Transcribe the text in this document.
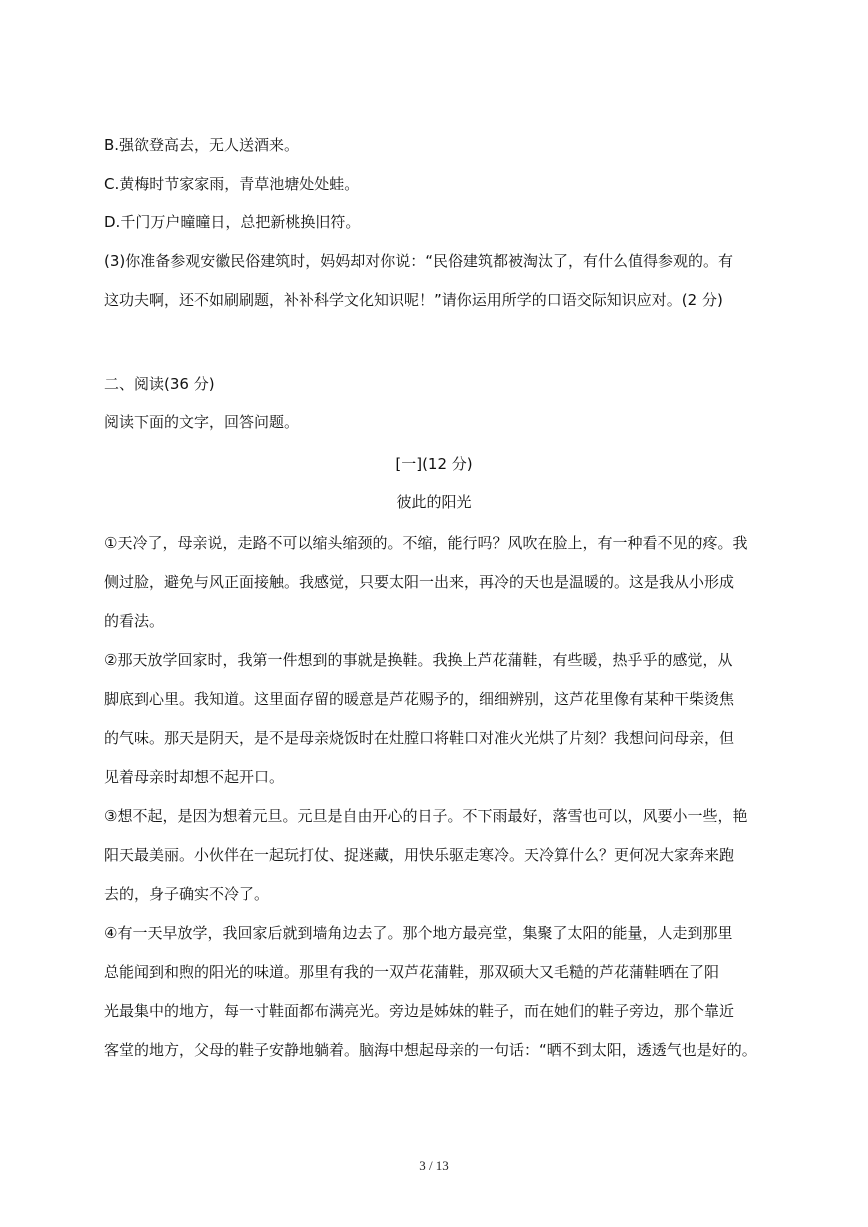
B.强欲登高去，无人送酒来。
C.黄梅时节家家雨，青草池塘处处蛙。
D.千门万户曈曈日，总把新桃换旧符。
(3)你准备参观安徽民俗建筑时，妈妈却对你说：“民俗建筑都被淘汰了，有什么值得参观的。有
这功夫啊，还不如刷刷题，补补科学文化知识呢！”请你运用所学的口语交际知识应对。(2 分)
二、阅读(36 分)
阅读下面的文字，回答问题。
[一](12 分)
彼此的阳光
①天冷了，母亲说，走路不可以缩头缩颈的。不缩，能行吗？风吹在脸上，有一种看不见的疼。我
侧过脸，避免与风正面接触。我感觉，只要太阳一出来，再冷的天也是温暖的。这是我从小形成
的看法。
②那天放学回家时，我第一件想到的事就是换鞋。我换上芦花蒲鞋，有些暖，热乎乎的感觉，从
脚底到心里。我知道。这里面存留的暖意是芦花赐予的，细细辨别，这芦花里像有某种干柴烫焦
的气味。那天是阴天，是不是母亲烧饭时在灶膛口将鞋口对准火光烘了片刻？我想问问母亲，但
见着母亲时却想不起开口。
③想不起，是因为想着元旦。元旦是自由开心的日子。不下雨最好，落雪也可以，风要小一些，艳
阳天最美丽。小伙伴在一起玩打仗、捉迷藏，用快乐驱走寒冷。天冷算什么？更何况大家奔来跑
去的，身子确实不冷了。
④有一天早放学，我回家后就到墙角边去了。那个地方最亮堂，集聚了太阳的能量，人走到那里
总能闻到和煦的阳光的味道。那里有我的一双芦花蒲鞋，那双硕大又毛糙的芦花蒲鞋晒在了阳
光最集中的地方，每一寸鞋面都布满亮光。旁边是姊妹的鞋子，而在她们的鞋子旁边，那个靠近
客堂的地方，父母的鞋子安静地躺着。脑海中想起母亲的一句话：“晒不到太阳，透透气也是好的。
3 / 13
